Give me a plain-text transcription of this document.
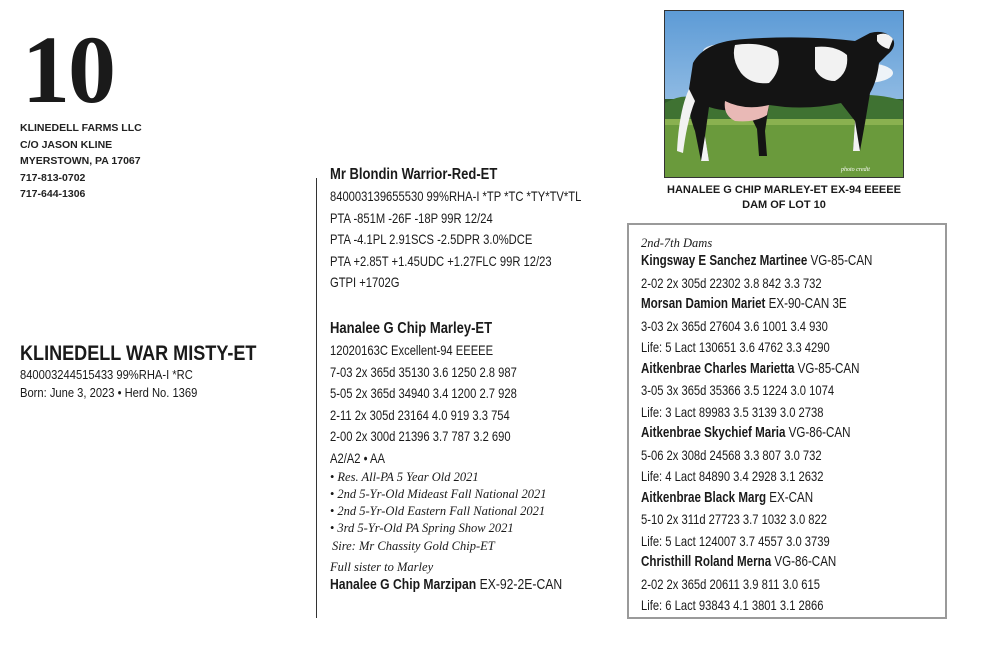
10
KLINEDELL FARMS LLC
C/O JASON KLINE
MYERSTOWN, PA 17067
717-813-0702
717-644-1306
KLINEDELL WAR MISTY-ET
840003244515433 99%RHA-I *RC
Born: June 3, 2023 • Herd No. 1369
Mr Blondin Warrior-Red-ET
840003139655530 99%RHA-I *TP *TC *TY*TV*TL
PTA -851M -26F -18P 99R 12/24
PTA -4.1PL 2.91SCS -2.5DPR 3.0%DCE
PTA +2.85T +1.45UDC +1.27FLC 99R 12/23
GTPI +1702G
Hanalee G Chip Marley-ET
12020163C Excellent-94 EEEEE
7-03 2x 365d 35130 3.6 1250 2.8 987
5-05 2x 365d 34940 3.4 1200 2.7 928
2-11 2x 305d 23164 4.0 919 3.3 754
2-00 2x 300d 21396 3.7 787 3.2 690
A2/A2 • AA
• Res. All-PA 5 Year Old 2021
• 2nd 5-Yr-Old Mideast Fall National 2021
• 2nd 5-Yr-Old Eastern Fall National 2021
• 3rd 5-Yr-Old PA Spring Show 2021
Sire: Mr Chassity Gold Chip-ET
Full sister to Marley
Hanalee G Chip Marzipan EX-92-2E-CAN
photo credit
HANALEE G CHIP MARLEY-ET EX-94 EEEEE
DAM OF LOT 10
2nd-7th Dams
Kingsway E Sanchez Martinee VG-85-CAN
2-02 2x 305d 22302 3.8 842 3.3 732
Morsan Damion Mariet EX-90-CAN 3E
3-03 2x 365d 27604 3.6 1001 3.4 930
Life: 5 Lact 130651 3.6 4762 3.3 4290
Aitkenbrae Charles Marietta VG-85-CAN
3-05 3x 365d 35366 3.5 1224 3.0 1074
Life: 3 Lact 89983 3.5 3139 3.0 2738
Aitkenbrae Skychief Maria VG-86-CAN
5-06 2x 308d 24568 3.3 807 3.0 732
Life: 4 Lact 84890 3.4 2928 3.1 2632
Aitkenbrae Black Marg EX-CAN
5-10 2x 311d 27723 3.7 1032 3.0 822
Life: 5 Lact 124007 3.7 4557 3.0 3739
Christhill Roland Merna VG-86-CAN
2-02 2x 365d 20611 3.9 811 3.0 615
Life: 6 Lact 93843 4.1 3801 3.1 2866
